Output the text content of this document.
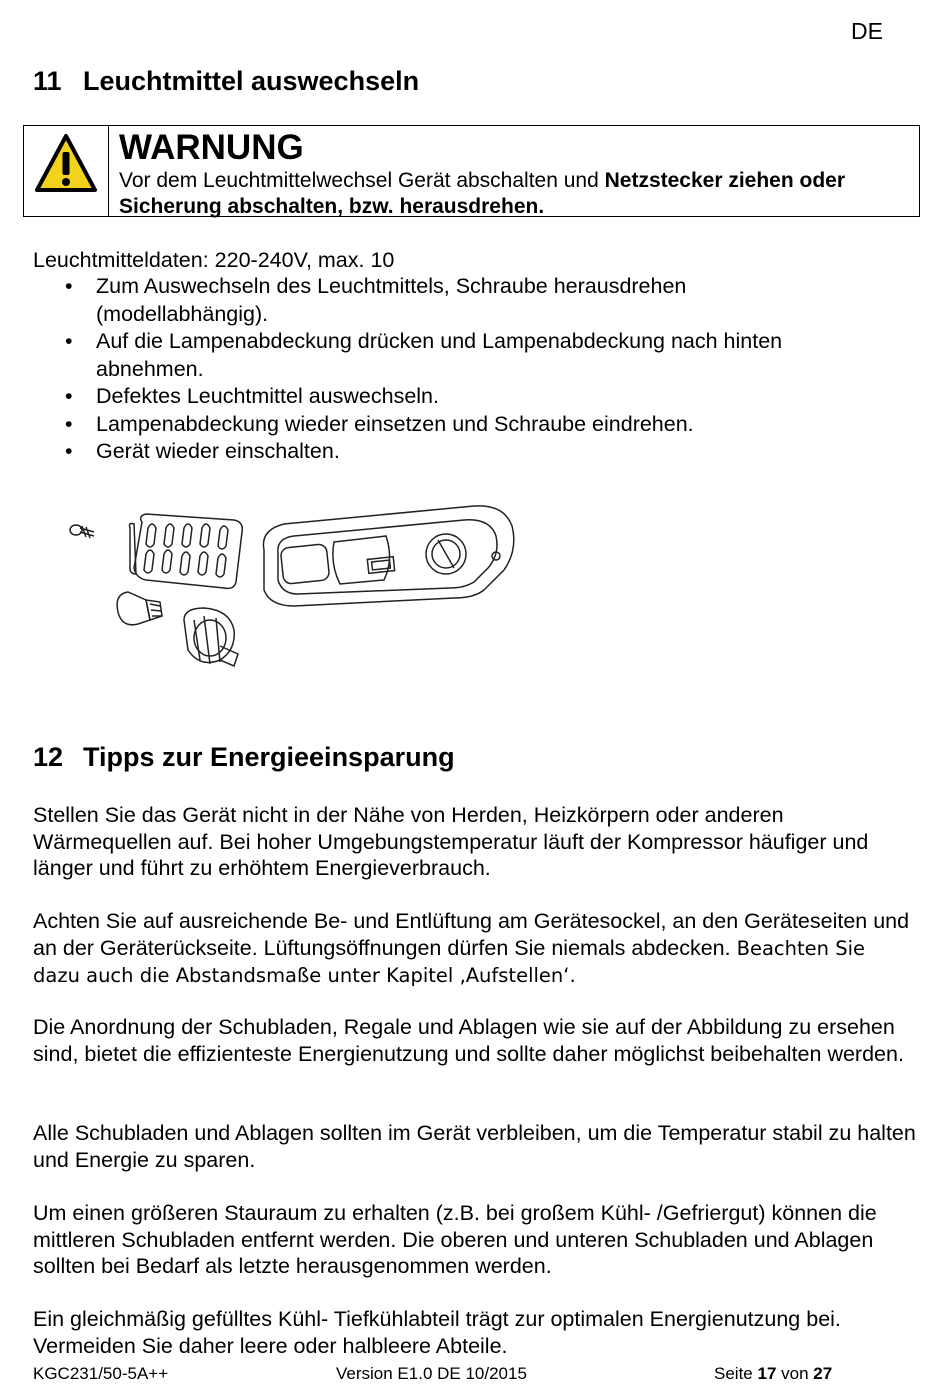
DE
11 Leuchtmittel auswechseln
WARNUNG
Vor dem Leuchtmittelwechsel Gerät abschalten und Netzstecker ziehen oder Sicherung abschalten, bzw. herausdrehen.
Leuchtmitteldaten: 220-240V, max. 10
• Zum Auswechseln des Leuchtmittels, Schraube herausdrehen (modellabhängig).
• Auf die Lampenabdeckung drücken und Lampenabdeckung nach hinten abnehmen.
• Defektes Leuchtmittel auswechseln.
• Lampenabdeckung wieder einsetzen und Schraube eindrehen.
• Gerät wieder einschalten.
12 Tipps zur Energieeinsparung
Stellen Sie das Gerät nicht in der Nähe von Herden, Heizkörpern oder anderen Wärmequellen auf. Bei hoher Umgebungstemperatur läuft der Kompressor häufiger und länger und führt zu erhöhtem Energieverbrauch.
Achten Sie auf ausreichende Be- und Entlüftung am Gerätesockel, an den Geräteseiten und an der Geräterückseite. Lüftungsöffnungen dürfen Sie niemals abdecken. Beachten Sie dazu auch die Abstandsmaße unter Kapitel ‚Aufstellen‘.
Die Anordnung der Schubladen, Regale und Ablagen wie sie auf der Abbildung zu ersehen sind, bietet die effizienteste Energienutzung und sollte daher möglichst beibehalten werden.
Alle Schubladen und Ablagen sollten im Gerät verbleiben, um die Temperatur stabil zu halten und Energie zu sparen.
Um einen größeren Stauraum zu erhalten (z.B. bei großem Kühl- /Gefriergut) können die mittleren Schubladen entfernt werden. Die oberen und unteren Schubladen und Ablagen sollten bei Bedarf als letzte herausgenommen werden.
Ein gleichmäßig gefülltes Kühl- Tiefkühlabteil trägt zur optimalen Energienutzung bei. Vermeiden Sie daher leere oder halbleere Abteile.
KGC231/50-5A++	Version E1.0 DE 10/2015	Seite 17 von 27
